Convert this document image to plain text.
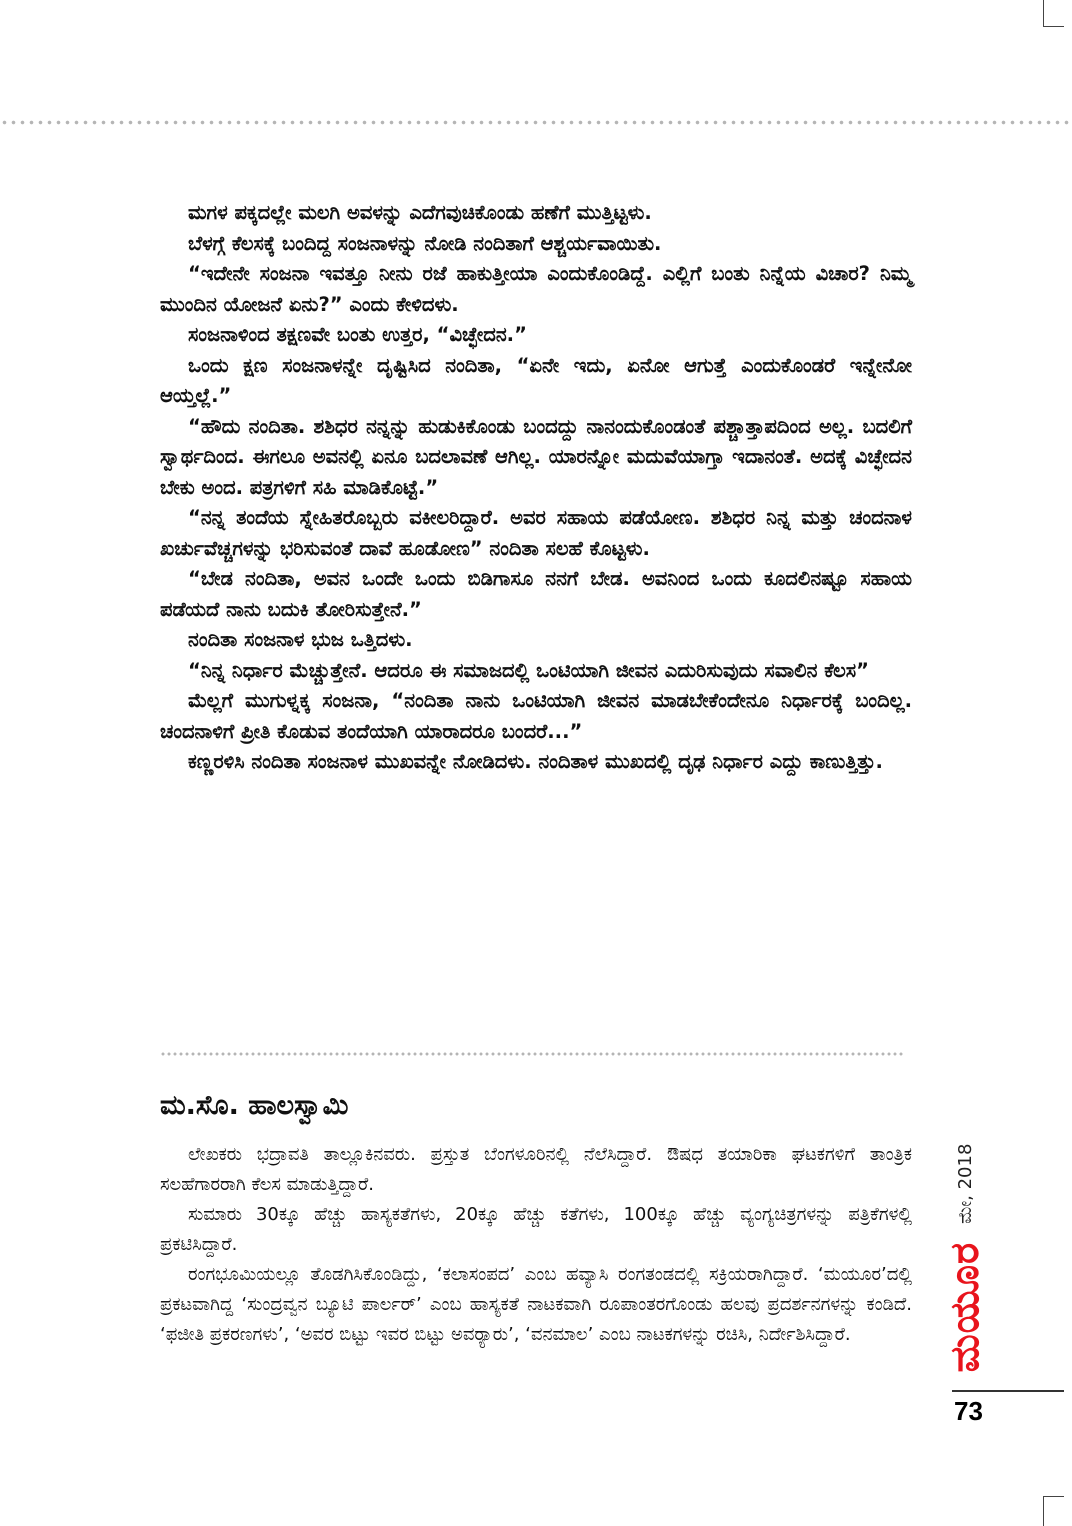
ಮಗಳ ಪಕ್ಕದಲ್ಲೇ ಮಲಗಿ ಅವಳನ್ನು ಎದೆಗವುಚಿಕೊಂಡು ಹಣೆಗೆ ಮುತ್ತಿಟ್ಟಳು.

ಬೆಳಗ್ಗೆ ಕೆಲಸಕ್ಕೆ ಬಂದಿದ್ದ ಸಂಜನಾಳನ್ನು ನೋಡಿ ನಂದಿತಾಗೆ ಆಶ್ಚರ್ಯವಾಯಿತು.

“ಇದೇನೇ ಸಂಜನಾ ಇವತ್ತೂ ನೀನು ರಜೆ ಹಾಕುತ್ತೀಯಾ ಎಂದುಕೊಂಡಿದ್ದೆ. ಎಲ್ಲಿಗೆ ಬಂತು ನಿನ್ನೆಯ ವಿಚಾರ? ನಿಮ್ಮ ಮುಂದಿನ ಯೋಜನೆ ಏನು?” ಎಂದು ಕೇಳಿದಳು.

ಸಂಜನಾಳಿಂದ ತಕ್ಷಣವೇ ಬಂತು ಉತ್ತರ, “ವಿಚ್ಛೇದನ.”

ಒಂದು ಕ್ಷಣ ಸಂಜನಾಳನ್ನೇ ದೃಷ್ಟಿಸಿದ ನಂದಿತಾ, “ಏನೇ ಇದು, ಏನೋ ಆಗುತ್ತೆ ಎಂದುಕೊಂಡರೆ ಇನ್ನೇನೋ ಆಯ್ತಲ್ಲೆ.”

“ಹೌದು ನಂದಿತಾ. ಶಶಿಧರ ನನ್ನನ್ನು ಹುಡುಕಿಕೊಂಡು ಬಂದದ್ದು ನಾನಂದುಕೊಂಡಂತೆ ಪಶ್ಚಾತ್ತಾಪದಿಂದ ಅಲ್ಲ. ಬದಲಿಗೆ ಸ್ವಾರ್ಥದಿಂದ. ಈಗಲೂ ಅವನಲ್ಲಿ ಏನೂ ಬದಲಾವಣೆ ಆಗಿಲ್ಲ. ಯಾರನ್ನೋ ಮದುವೆಯಾಗ್ತಾ ಇದಾನಂತೆ. ಅದಕ್ಕೆ ವಿಚ್ಛೇದನ ಬೇಕು ಅಂದ. ಪತ್ರಗಳಿಗೆ ಸಹಿ ಮಾಡಿಕೊಟ್ಟೆ.”

“ನನ್ನ ತಂದೆಯ ಸ್ನೇಹಿತರೊಬ್ಬರು ವಕೀಲರಿದ್ದಾರೆ. ಅವರ ಸಹಾಯ ಪಡೆಯೋಣ. ಶಶಿಧರ ನಿನ್ನ ಮತ್ತು ಚಂದನಾಳ ಖರ್ಚುವೆಚ್ಚಗಳನ್ನು ಭರಿಸುವಂತೆ ದಾವೆ ಹೂಡೋಣ” ನಂದಿತಾ ಸಲಹೆ ಕೊಟ್ಟಳು.

“ಬೇಡ ನಂದಿತಾ, ಅವನ ಒಂದೇ ಒಂದು ಬಿಡಿಗಾಸೂ ನನಗೆ ಬೇಡ. ಅವನಿಂದ ಒಂದು ಕೂದಲಿನಷ್ಟೂ ಸಹಾಯ ಪಡೆಯದೆ ನಾನು ಬದುಕಿ ತೋರಿಸುತ್ತೇನೆ.”

ನಂದಿತಾ ಸಂಜನಾಳ ಭುಜ ಒತ್ತಿದಳು.

“ನಿನ್ನ ನಿರ್ಧಾರ ಮೆಚ್ಚುತ್ತೇನೆ. ಆದರೂ ಈ ಸಮಾಜದಲ್ಲಿ ಒಂಟಿಯಾಗಿ ಜೀವನ ಎದುರಿಸುವುದು ಸವಾಲಿನ ಕೆಲಸ”

ಮೆಲ್ಲಗೆ ಮುಗುಳ್ನಕ್ಕ ಸಂಜನಾ, “ನಂದಿತಾ ನಾನು ಒಂಟಿಯಾಗಿ ಜೀವನ ಮಾಡಬೇಕೆಂದೇನೂ ನಿರ್ಧಾರಕ್ಕೆ ಬಂದಿಲ್ಲ. ಚಂದನಾಳಿಗೆ ಪ್ರೀತಿ ಕೊಡುವ ತಂದೆಯಾಗಿ ಯಾರಾದರೂ ಬಂದರೆ...”

ಕಣ್ಣರಳಿಸಿ ನಂದಿತಾ ಸಂಜನಾಳ ಮುಖವನ್ನೇ ನೋಡಿದಳು. ನಂದಿತಾಳ ಮುಖದಲ್ಲಿ ದೃಢ ನಿರ್ಧಾರ ಎದ್ದು ಕಾಣುತ್ತಿತ್ತು.

ಮ.ಸೊ. ಹಾಲಸ್ವಾಮಿ

ಲೇಖಕರು ಭದ್ರಾವತಿ ತಾಲ್ಲೂಕಿನವರು. ಪ್ರಸ್ತುತ ಬೆಂಗಳೂರಿನಲ್ಲಿ ನೆಲೆಸಿದ್ದಾರೆ. ಔಷಧ ತಯಾರಿಕಾ ಘಟಕಗಳಿಗೆ ತಾಂತ್ರಿಕ ಸಲಹೆಗಾರರಾಗಿ ಕೆಲಸ ಮಾಡುತ್ತಿದ್ದಾರೆ.

ಸುಮಾರು 30ಕ್ಕೂ ಹೆಚ್ಚು ಹಾಸ್ಯಕತೆಗಳು, 20ಕ್ಕೂ ಹೆಚ್ಚು ಕತೆಗಳು, 100ಕ್ಕೂ ಹೆಚ್ಚು ವ್ಯಂಗ್ಯಚಿತ್ರಗಳನ್ನು ಪತ್ರಿಕೆಗಳಲ್ಲಿ ಪ್ರಕಟಿಸಿದ್ದಾರೆ.

ರಂಗಭೂಮಿಯಲ್ಲೂ ತೊಡಗಿಸಿಕೊಂಡಿದ್ದು, ‘ಕಲಾಸಂಪದ’ ಎಂಬ ಹವ್ಯಾಸಿ ರಂಗತಂಡದಲ್ಲಿ ಸಕ್ರಿಯರಾಗಿದ್ದಾರೆ. ‘ಮಯೂರ’ದಲ್ಲಿ ಪ್ರಕಟವಾಗಿದ್ದ ‘ಸುಂದ್ರವ್ವನ ಬ್ಯೂಟಿ ಪಾರ್ಲರ್’ ಎಂಬ ಹಾಸ್ಯಕತೆ ನಾಟಕವಾಗಿ ರೂಪಾಂತರಗೊಂಡು ಹಲವು ಪ್ರದರ್ಶನಗಳನ್ನು ಕಂಡಿದೆ. ‘ಫಜೀತಿ ಪ್ರಕರಣಗಳು’, ‘ಅವರ ಬಿಟ್ಟು ಇವರ ಬಿಟ್ಟು ಅವರ್‍ಯಾರು’, ‘ವನಮಾಲ’ ಎಂಬ ನಾಟಕಗಳನ್ನು ರಚಿಸಿ, ನಿರ್ದೇಶಿಸಿದ್ದಾರೆ.	ಮಯೂರ
ಮೇ, 2018
73
